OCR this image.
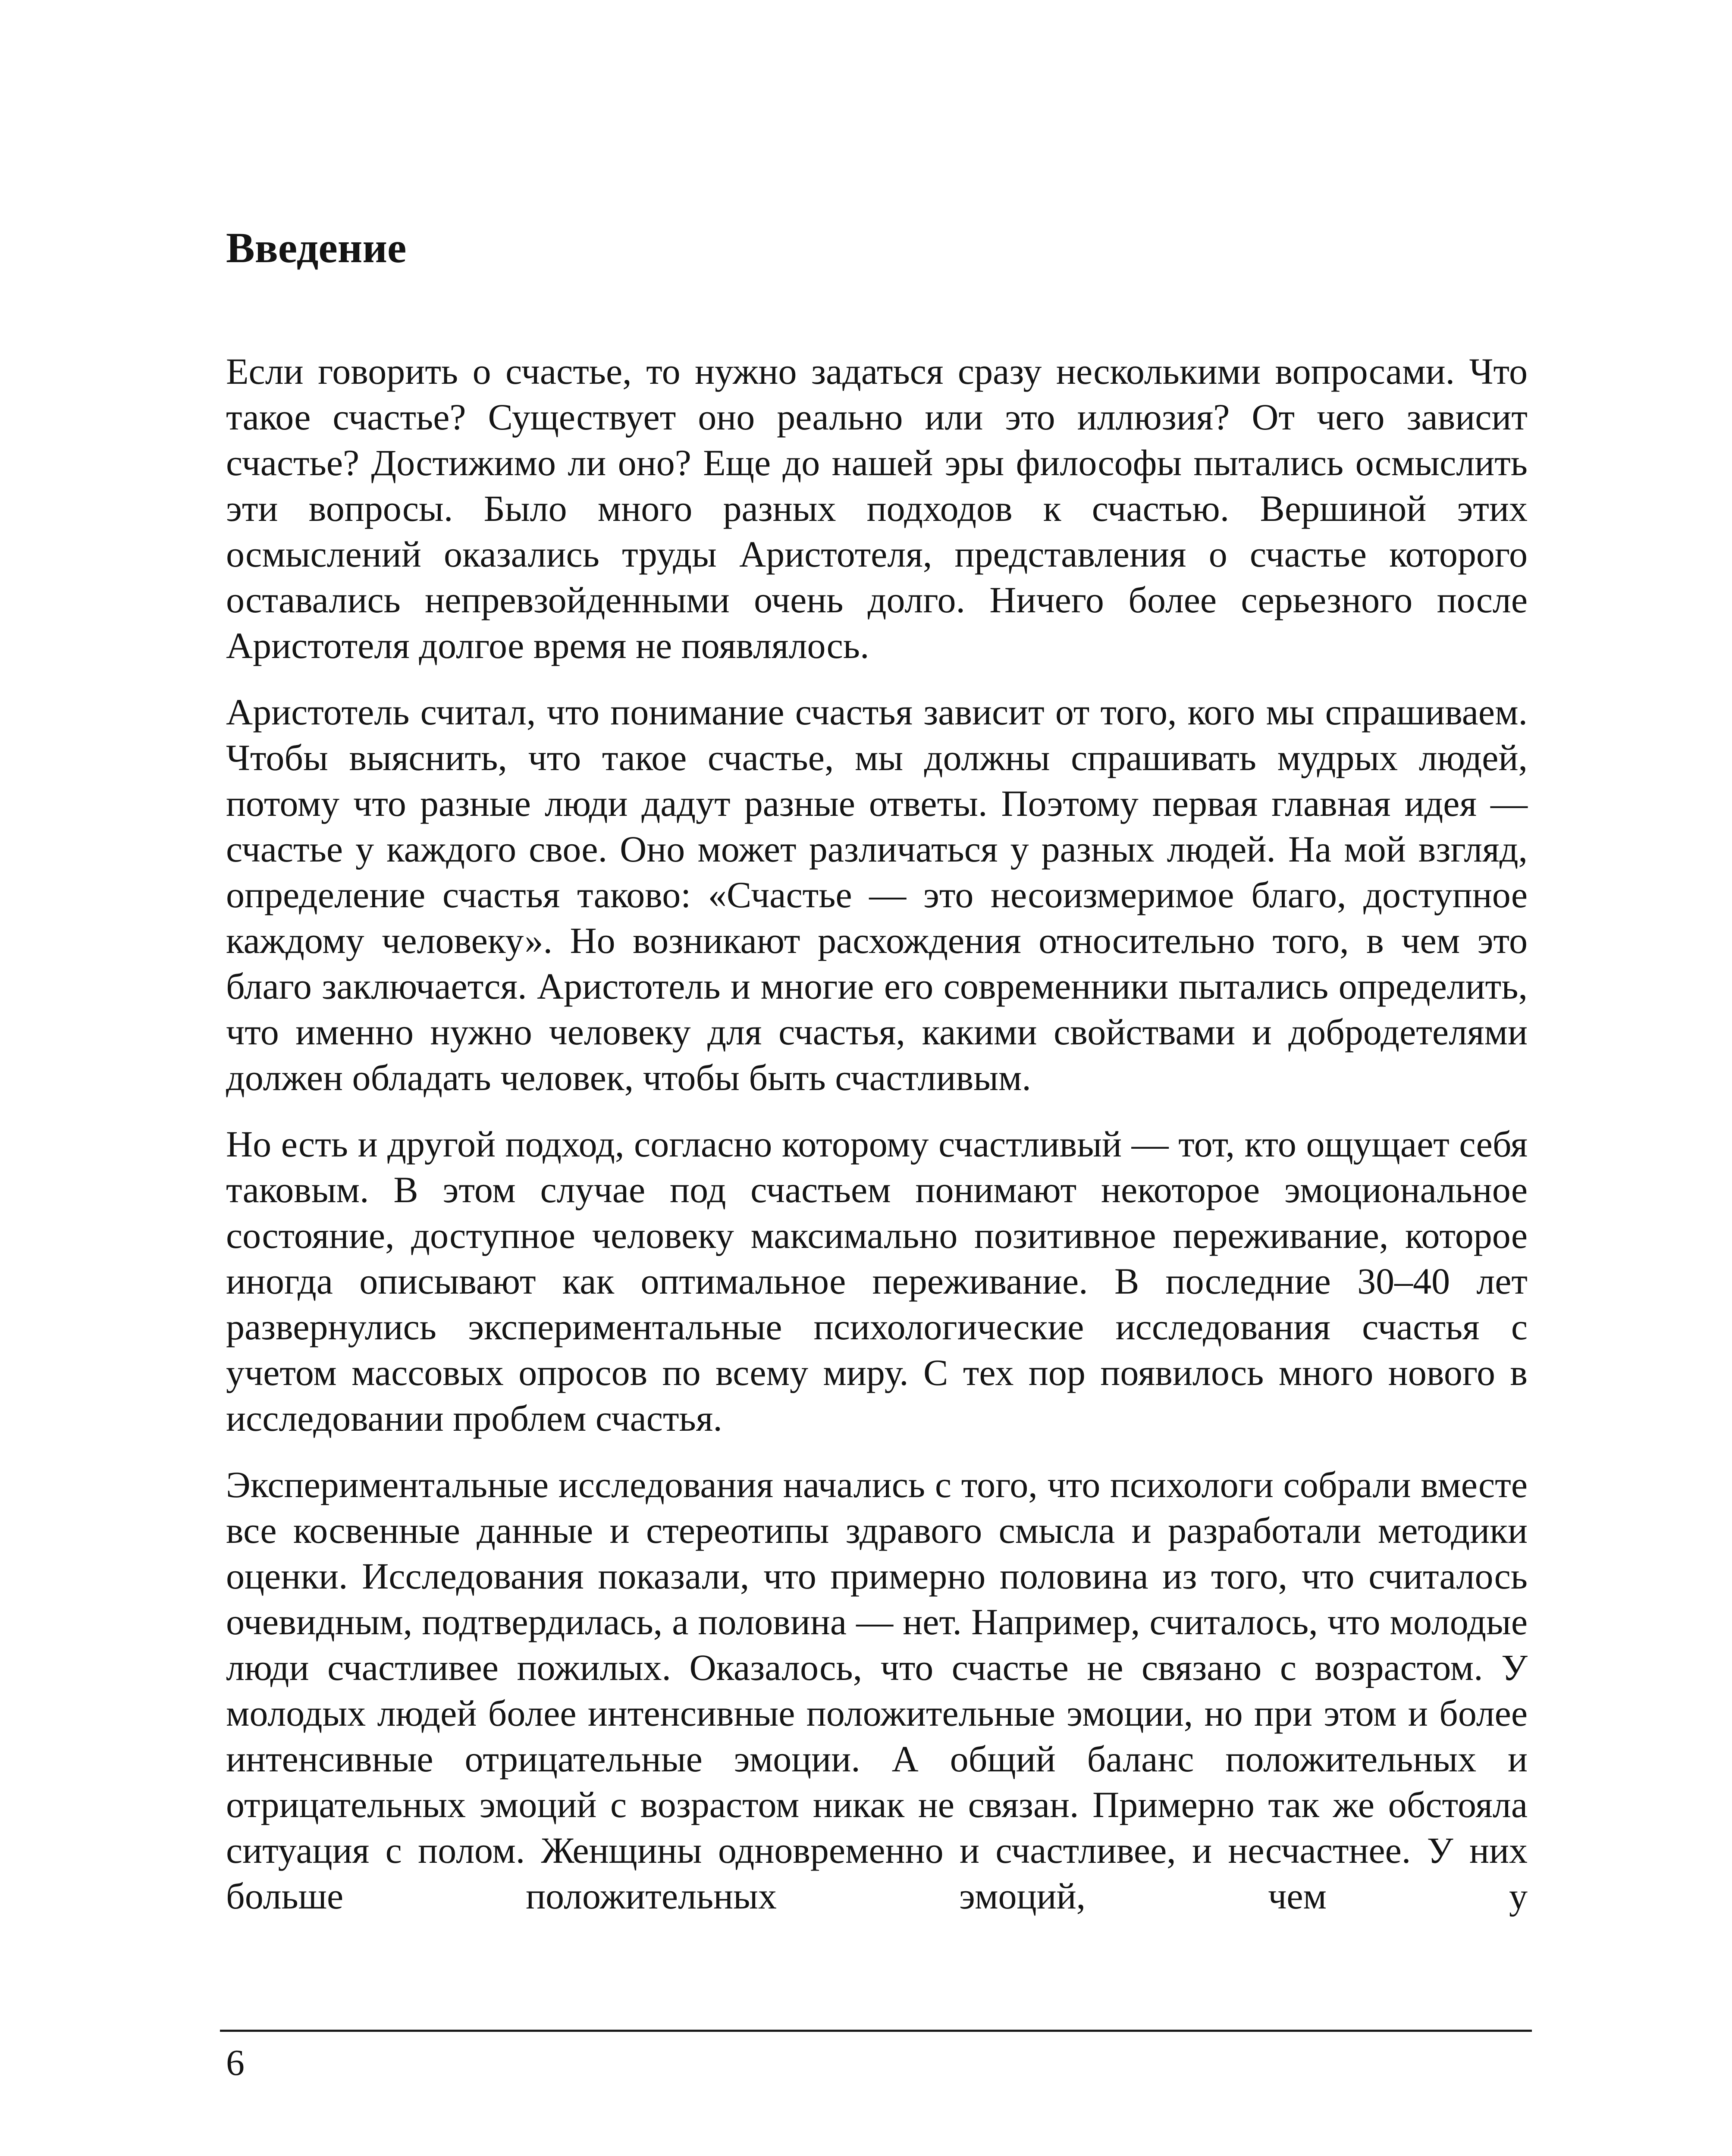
Введение

Если говорить о счастье, то нужно задаться сразу несколькими вопросами. Что такое счастье? Существует оно реально или это иллюзия? От чего зависит счастье? Достижимо ли оно? Еще до нашей эры философы пытались осмыслить эти вопросы. Было много разных подходов к счастью. Вершиной этих осмыслений оказались труды Аристотеля, представления о счастье которого оставались непревзойденными очень долго. Ничего более серьезного после Аристотеля долгое время не появлялось.

Аристотель считал, что понимание счастья зависит от того, кого мы спрашиваем. Чтобы выяснить, что такое счастье, мы должны спрашивать мудрых людей, потому что разные люди дадут разные ответы. Поэтому первая главная идея — счастье у каждого свое. Оно может различаться у разных людей. На мой взгляд, определение счастья таково: «Счастье — это несоизмеримое благо, доступное каждому человеку». Но возникают расхождения относительно того, в чем это благо заключается. Аристотель и многие его современники пытались определить, что именно нужно человеку для счастья, какими свойствами и добродетелями должен обладать человек, чтобы быть счастливым.

Но есть и другой подход, согласно которому счастливый — тот, кто ощущает себя таковым. В этом случае под счастьем понимают некоторое эмоциональное состояние, доступное человеку максимально позитивное переживание, которое иногда описывают как оптимальное переживание. В последние 30–40 лет развернулись экспериментальные психологические исследования счастья с учетом массовых опросов по всему миру. С тех пор появилось много нового в исследовании проблем счастья.

Экспериментальные исследования начались с того, что психологи собрали вместе все косвенные данные и стереотипы здравого смысла и разработали методики оценки. Исследования показали, что примерно половина из того, что считалось очевидным, подтвердилась, а половина — нет. Например, считалось, что молодые люди счастливее пожилых. Оказалось, что счастье не связано с возрастом. У молодых людей более интенсивные положительные эмоции, но при этом и более интенсивные отрицательные эмоции. А общий баланс положительных и отрицательных эмоций с возрастом никак не связан. Примерно так же обстояла ситуация с полом. Женщины одновременно и счастливее, и несчастнее. У них больше положительных эмоций, чем у

6
